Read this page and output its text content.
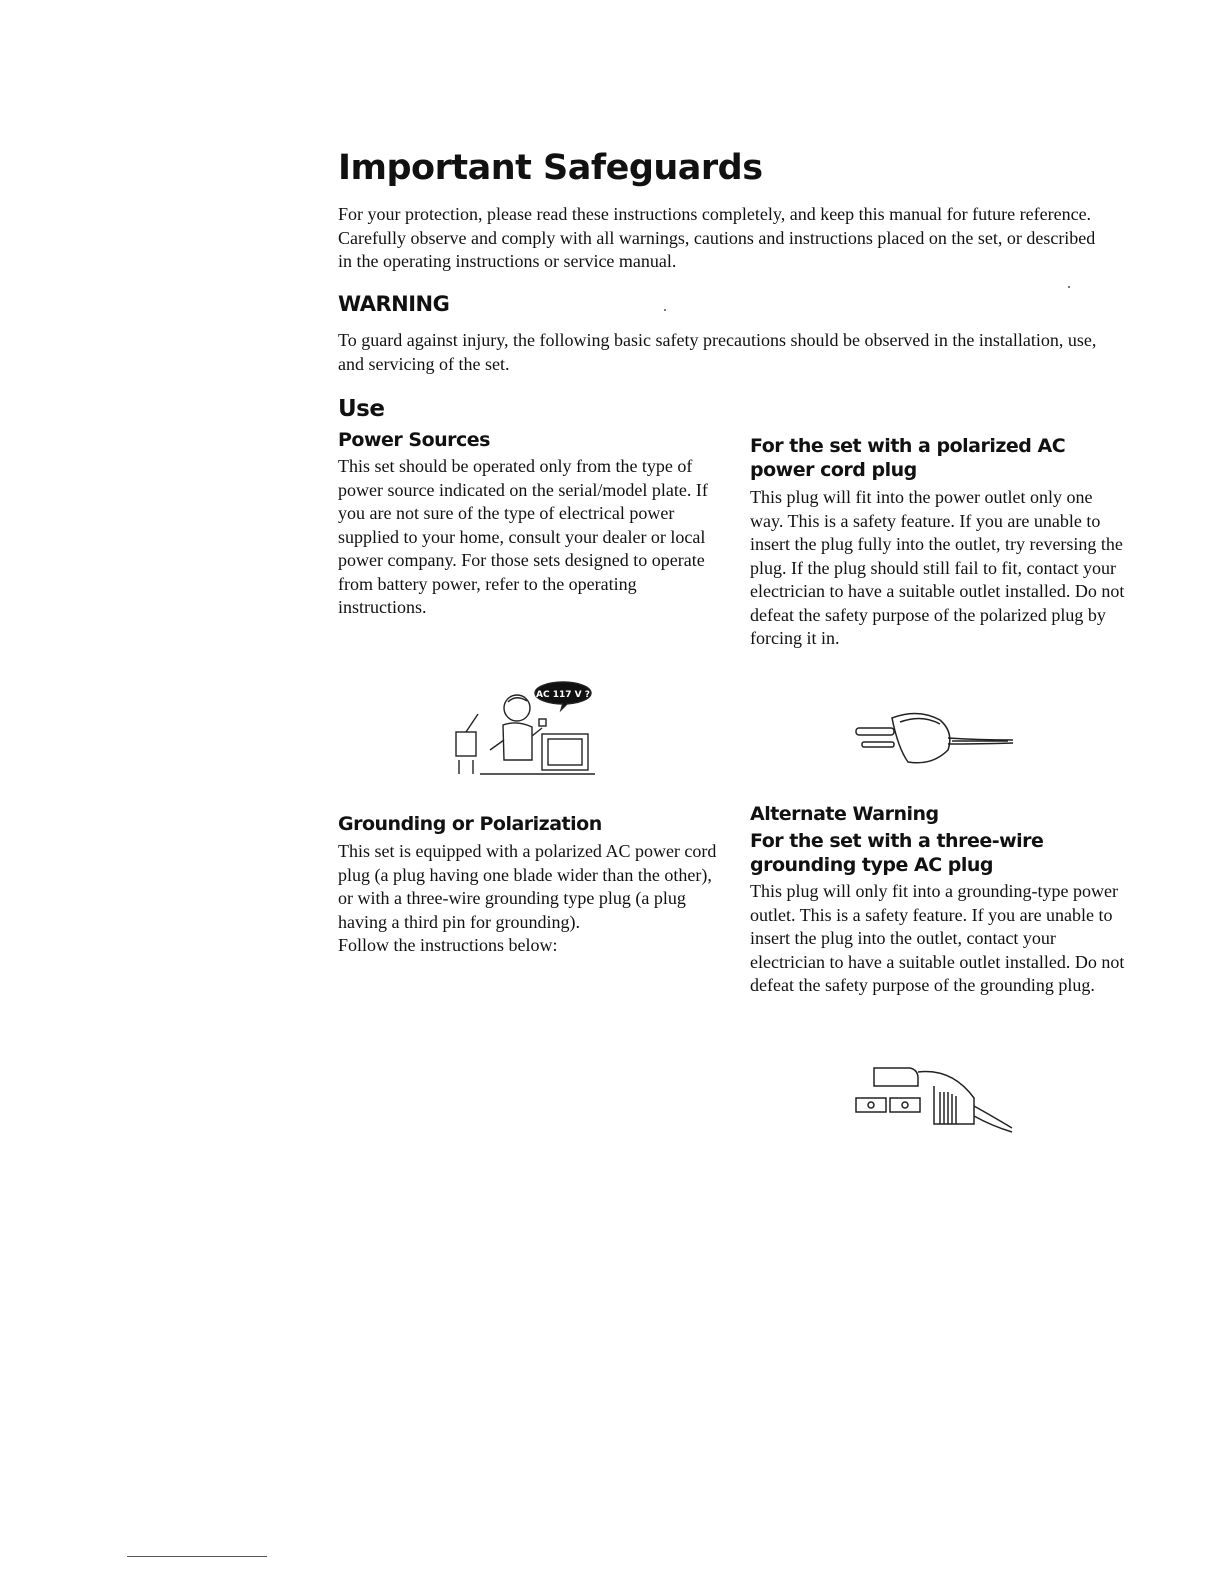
Important Safeguards

For your protection, please read these instructions completely, and keep this manual for future reference. Carefully observe and comply with all warnings, cautions and instructions placed on the set, or described in the operating instructions or service manual.

WARNING

To guard against injury, the following basic safety precautions should be observed in the installation, use, and servicing of the set.

Use
Power Sources

This set should be operated only from the type of power source indicated on the serial/model plate. If you are not sure of the type of electrical power supplied to your home, consult your dealer or local power company. For those sets designed to operate from battery power, refer to the operating instructions.

For the set with a polarized AC power cord plug

This plug will fit into the power outlet only one way. This is a safety feature. If you are unable to insert the plug fully into the outlet, try reversing the plug. If the plug should still fail to fit, contact your electrician to have a suitable outlet installed. Do not defeat the safety purpose of the polarized plug by forcing it in.

Grounding or Polarization

This set is equipped with a polarized AC power cord plug (a plug having one blade wider than the other), or with a three-wire grounding type plug (a plug having a third pin for grounding).

Follow the instructions below:

Alternate Warning
For the set with a three-wire grounding type AC plug

This plug will only fit into a grounding-type power outlet. This is a safety feature. If you are unable to insert the plug into the outlet, contact your electrician to have a suitable outlet installed. Do not defeat the safety purpose of the grounding plug.

AC 117 V ?
